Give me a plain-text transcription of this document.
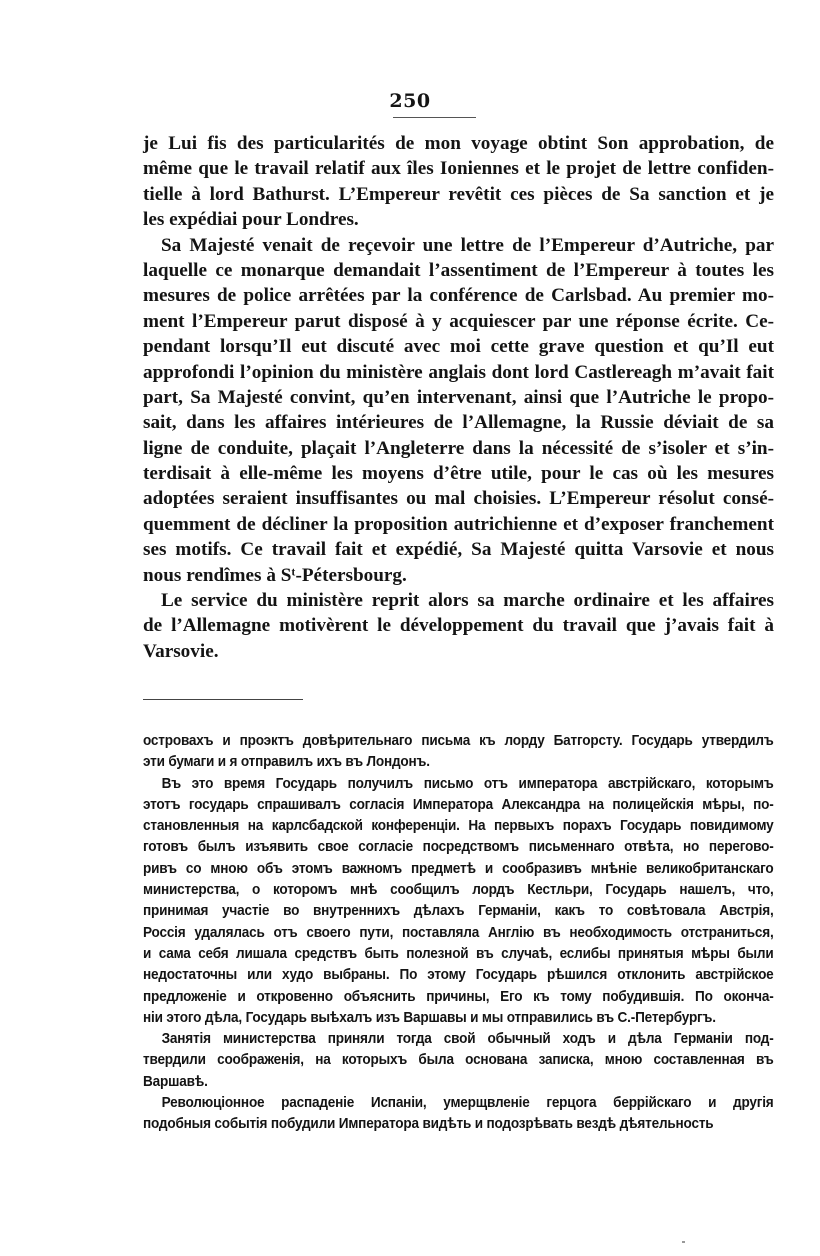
250
je Lui fis des particularités de mon voyage obtint Son approbation, de
même que le travail relatif aux îles Ioniennes et le projet de lettre confiden-
tielle à lord Bathurst. L’Empereur revêtit ces pièces de Sa sanction et je
les expédiai pour Londres.
Sa Majesté venait de reçevoir une lettre de l’Empereur d’Autriche, par
laquelle ce monarque demandait l’assentiment de l’Empereur à toutes les
mesures de police arrêtées par la conférence de Carlsbad. Au premier mo-
ment l’Empereur parut disposé à y acquiescer par une réponse écrite. Ce-
pendant lorsqu’Il eut discuté avec moi cette grave question et qu’Il eut
approfondi l’opinion du ministère anglais dont lord Castlereagh m’avait fait
part, Sa Majesté convint, qu’en intervenant, ainsi que l’Autriche le propo-
sait, dans les affaires intérieures de l’Allemagne, la Russie déviait de sa
ligne de conduite, plaçait l’Angleterre dans la nécessité de s’isoler et s’in-
terdisait à elle-même les moyens d’être utile, pour le cas où les mesures
adoptées seraient insuffisantes ou mal choisies. L’Empereur résolut consé-
quemment de décliner la proposition autrichienne et d’exposer franchement
ses motifs. Ce travail fait et expédié, Sa Majesté quitta Varsovie et nous
nous rendîmes à Sᵗ-Pétersbourg.
Le service du ministère reprit alors sa marche ordinaire et les affaires
de l’Allemagne motivèrent le développement du travail que j’avais fait à
Varsovie.
островахъ и проэктъ довѣрительнаго письма къ лорду Батгорсту. Государь утвердилъ
эти бумаги и я отправилъ ихъ въ Лондонъ.
Въ это время Государь получилъ письмо отъ императора австрійскаго, которымъ
этотъ государь спрашивалъ согласія Императора Александра на полицейскія мѣры, по-
становленныя на карлсбадской конференціи. На первыхъ порахъ Государь повидимому
готовъ былъ изъявить свое согласіе посредствомъ письменнаго отвѣта, но перегово-
ривъ со мною объ этомъ важномъ предметѣ и сообразивъ мнѣніе великобританскаго
министерства, о которомъ мнѣ сообщилъ лордъ Кестльри, Государь нашелъ, что,
принимая участіе во внутреннихъ дѣлахъ Германіи, какъ то совѣтовала Австрія,
Россія удалялась отъ своего пути, поставляла Англію въ необходимость отстраниться,
и сама себя лишала средствъ быть полезной въ случаѣ, еслибы принятыя мѣры были
недостаточны или худо выбраны. По этому Государь рѣшился отклонить австрійское
предложеніе и откровенно объяснить причины, Его къ тому побудившія. По оконча-
ніи этого дѣла, Государь выѣхалъ изъ Варшавы и мы отправились въ С.-Петербургъ.
Занятія министерства приняли тогда свой обычный ходъ и дѣла Германіи под-
твердили соображенія, на которыхъ была основана записка, мною составленная въ
Варшавѣ.
Революціонное распаденіе Испаніи, умерщвленіе герцога беррійскаго и другія
подобныя событія побудили Императора видѣть и подозрѣвать вездѣ дѣятельность
